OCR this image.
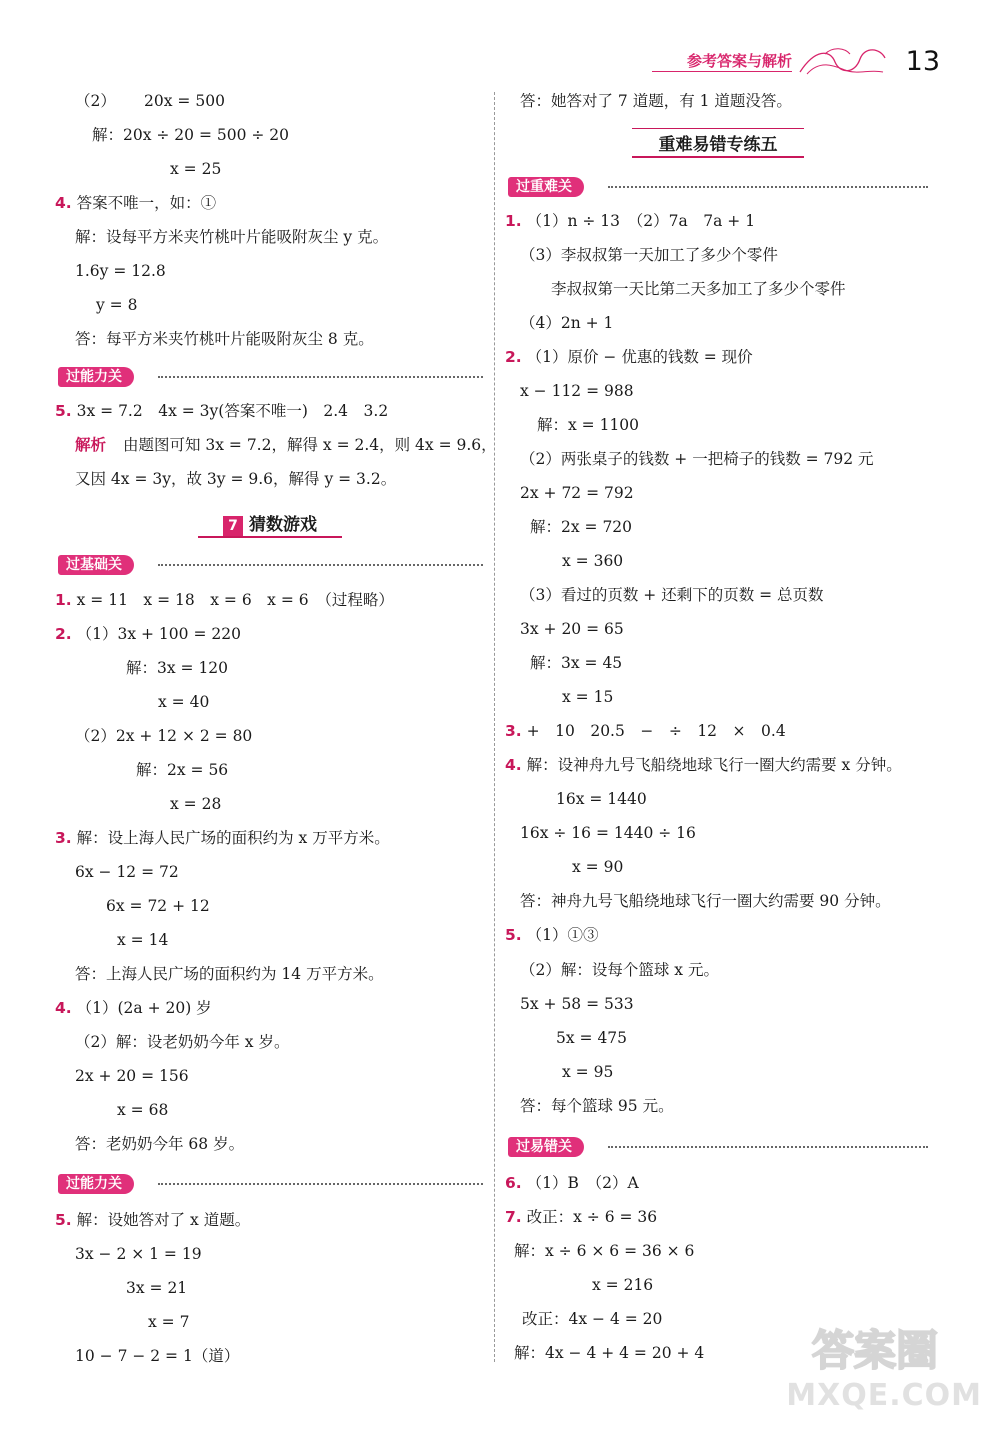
参考答案与解析	13
（2）　　 20x = 500
解：20x ÷ 20 = 500 ÷ 20
x = 25
4. 答案不唯一，如：①
解：设每平方米夹竹桃叶片能吸附灰尘 y 克。
1.6y = 12.8
y = 8
答：每平方米夹竹桃叶片能吸附灰尘 8 克。
过能力关
5. 3x = 7.2　4x = 3y(答案不唯一)　2.4　3.2
解析 由题图可知 3x = 7.2，解得 x = 2.4，则 4x = 9.6，
又因 4x = 3y，故 3y = 9.6，解得 y = 3.2。
7 猜数游戏
过基础关
1. x = 11　x = 18　x = 6　x = 6　（过程略）
2. （1）3x + 100 = 220
解：3x = 120
x = 40
（2）2x + 12 × 2 = 80
解：2x = 56
x = 28
3. 解：设上海人民广场的面积约为 x 万平方米。
6x − 12 = 72
6x = 72 + 12
x = 14
答：上海人民广场的面积约为 14 万平方米。
4. （1）(2a + 20) 岁
（2）解：设老奶奶今年 x 岁。
2x + 20 = 156
x = 68
答：老奶奶今年 68 岁。
过能力关
5. 解：设她答对了 x 道题。
3x − 2 × 1 = 19
3x = 21
x = 7
10 − 7 − 2 = 1（道）
答：她答对了 7 道题，有 1 道题没答。
重难易错专练五
过重难关
1. （1）n ÷ 13　（2）7a　7a + 1
（3）李叔叔第一天加工了多少个零件
李叔叔第一天比第二天多加工了多少个零件
（4）2n + 1
2. （1）原价 − 优惠的钱数 = 现价
x − 112 = 988
解：x = 1100
（2）两张桌子的钱数 + 一把椅子的钱数 = 792 元
2x + 72 = 792
解：2x = 720
x = 360
（3）看过的页数 + 还剩下的页数 = 总页数
3x + 20 = 65
解：3x = 45
x = 15
3. +　10　20.5　−　÷　12　×　0.4
4. 解：设神舟九号飞船绕地球飞行一圈大约需要 x 分钟。
16x = 1440
16x ÷ 16 = 1440 ÷ 16
x = 90
答：神舟九号飞船绕地球飞行一圈大约需要 90 分钟。
5. （1）①③
（2）解：设每个篮球 x 元。
5x + 58 = 533
5x = 475
x = 95
答：每个篮球 95 元。
过易错关
6. （1）B　（2）A
7. 改正：x ÷ 6 = 36
解：x ÷ 6 × 6 = 36 × 6
x = 216
改正：4x − 4 = 20
解：4x − 4 + 4 = 20 + 4	答案圈
MXQE.COM
